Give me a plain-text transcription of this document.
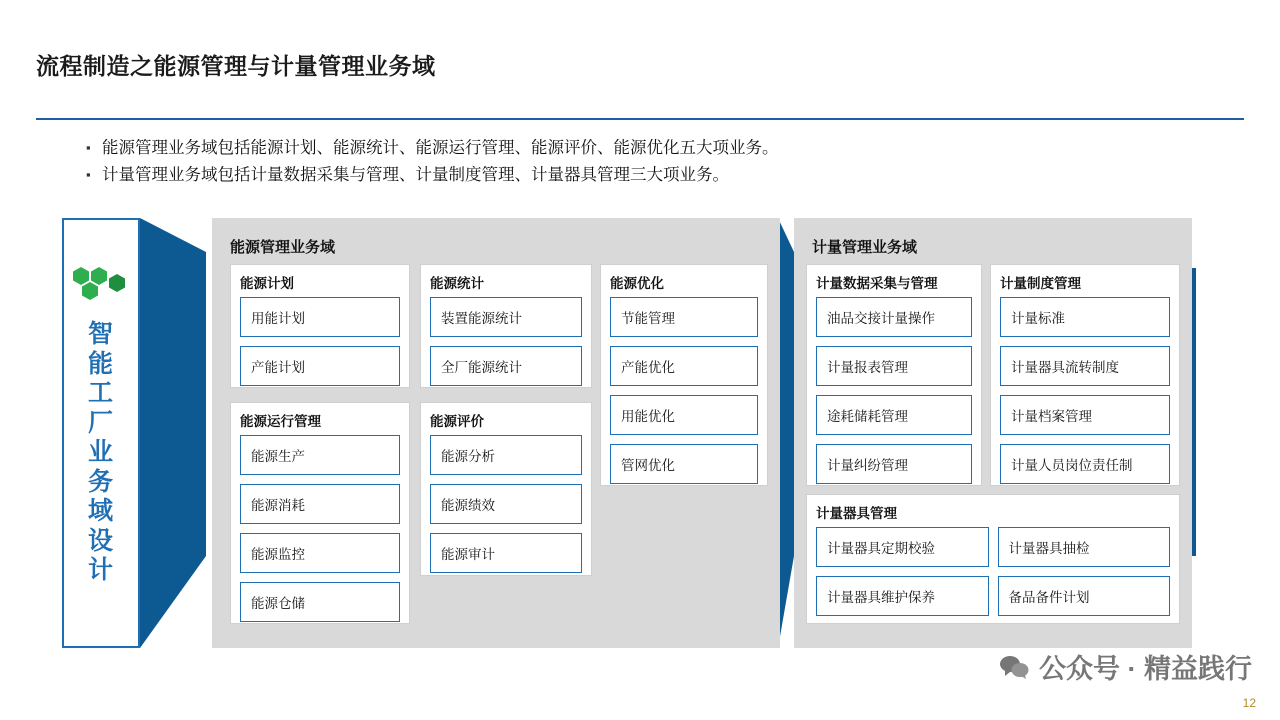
流程制造之能源管理与计量管理业务域
▪ 能源管理业务域包括能源计划、能源统计、能源运行管理、能源评价、能源优化五大项业务。
▪ 计量管理业务域包括计量数据采集与管理、计量制度管理、计量器具管理三大项业务。
智
能
工
厂
业
务
域
设
计
能源管理业务域
能源计划
用能计划
产能计划
能源统计
装置能源统计
全厂能源统计
能源优化
节能管理
产能优化
用能优化
管网优化
能源运行管理
能源生产
能源消耗
能源监控
能源仓储
能源评价
能源分析
能源绩效
能源审计
计量管理业务域
计量数据采集与管理
油品交接计量操作
计量报表管理
途耗储耗管理
计量纠纷管理
计量制度管理
计量标准
计量器具流转制度
计量档案管理
计量人员岗位责任制
计量器具管理
计量器具定期校验	计量器具抽检
计量器具维护保养	备品备件计划
公众号 · 精益践行
12
